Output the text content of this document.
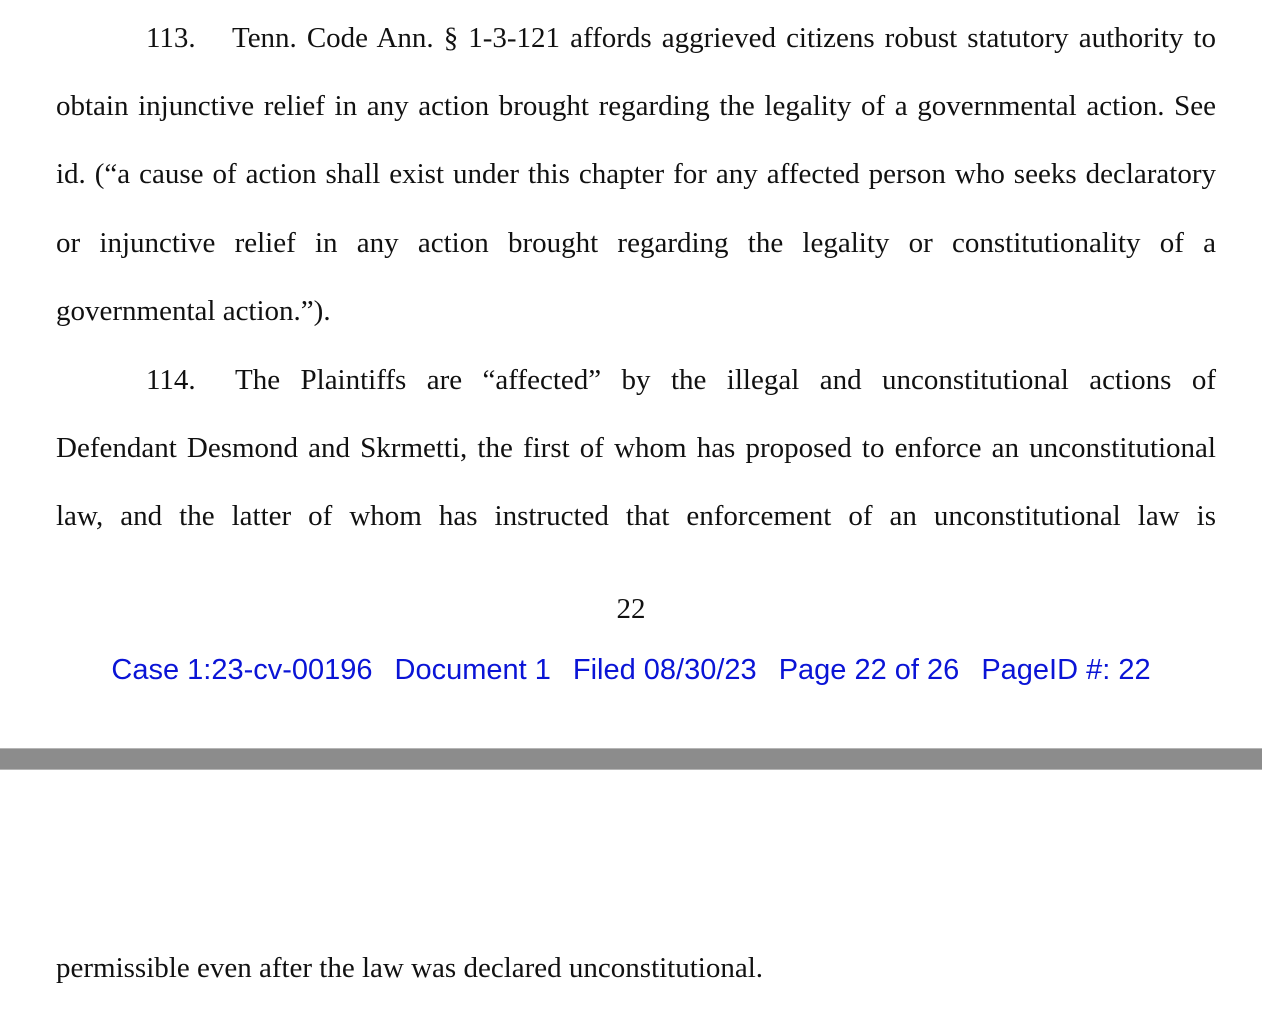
113. Tenn. Code Ann. § 1-3-121 affords aggrieved citizens robust statutory authority to
obtain injunctive relief in any action brought regarding the legality of a governmental action. See
id. (“a cause of action shall exist under this chapter for any affected person who seeks declaratory
or injunctive relief in any action brought regarding the legality or constitutionality of a
governmental action.”).
114. The Plaintiffs are “affected” by the illegal and unconstitutional actions of
Defendant Desmond and Skrmetti, the first of whom has proposed to enforce an unconstitutional
law, and the latter of whom has instructed that enforcement of an unconstitutional law is
22
Case 1:23-cv-00196 Document 1 Filed 08/30/23 Page 22 of 26 PageID #: 22
permissible even after the law was declared unconstitutional.
